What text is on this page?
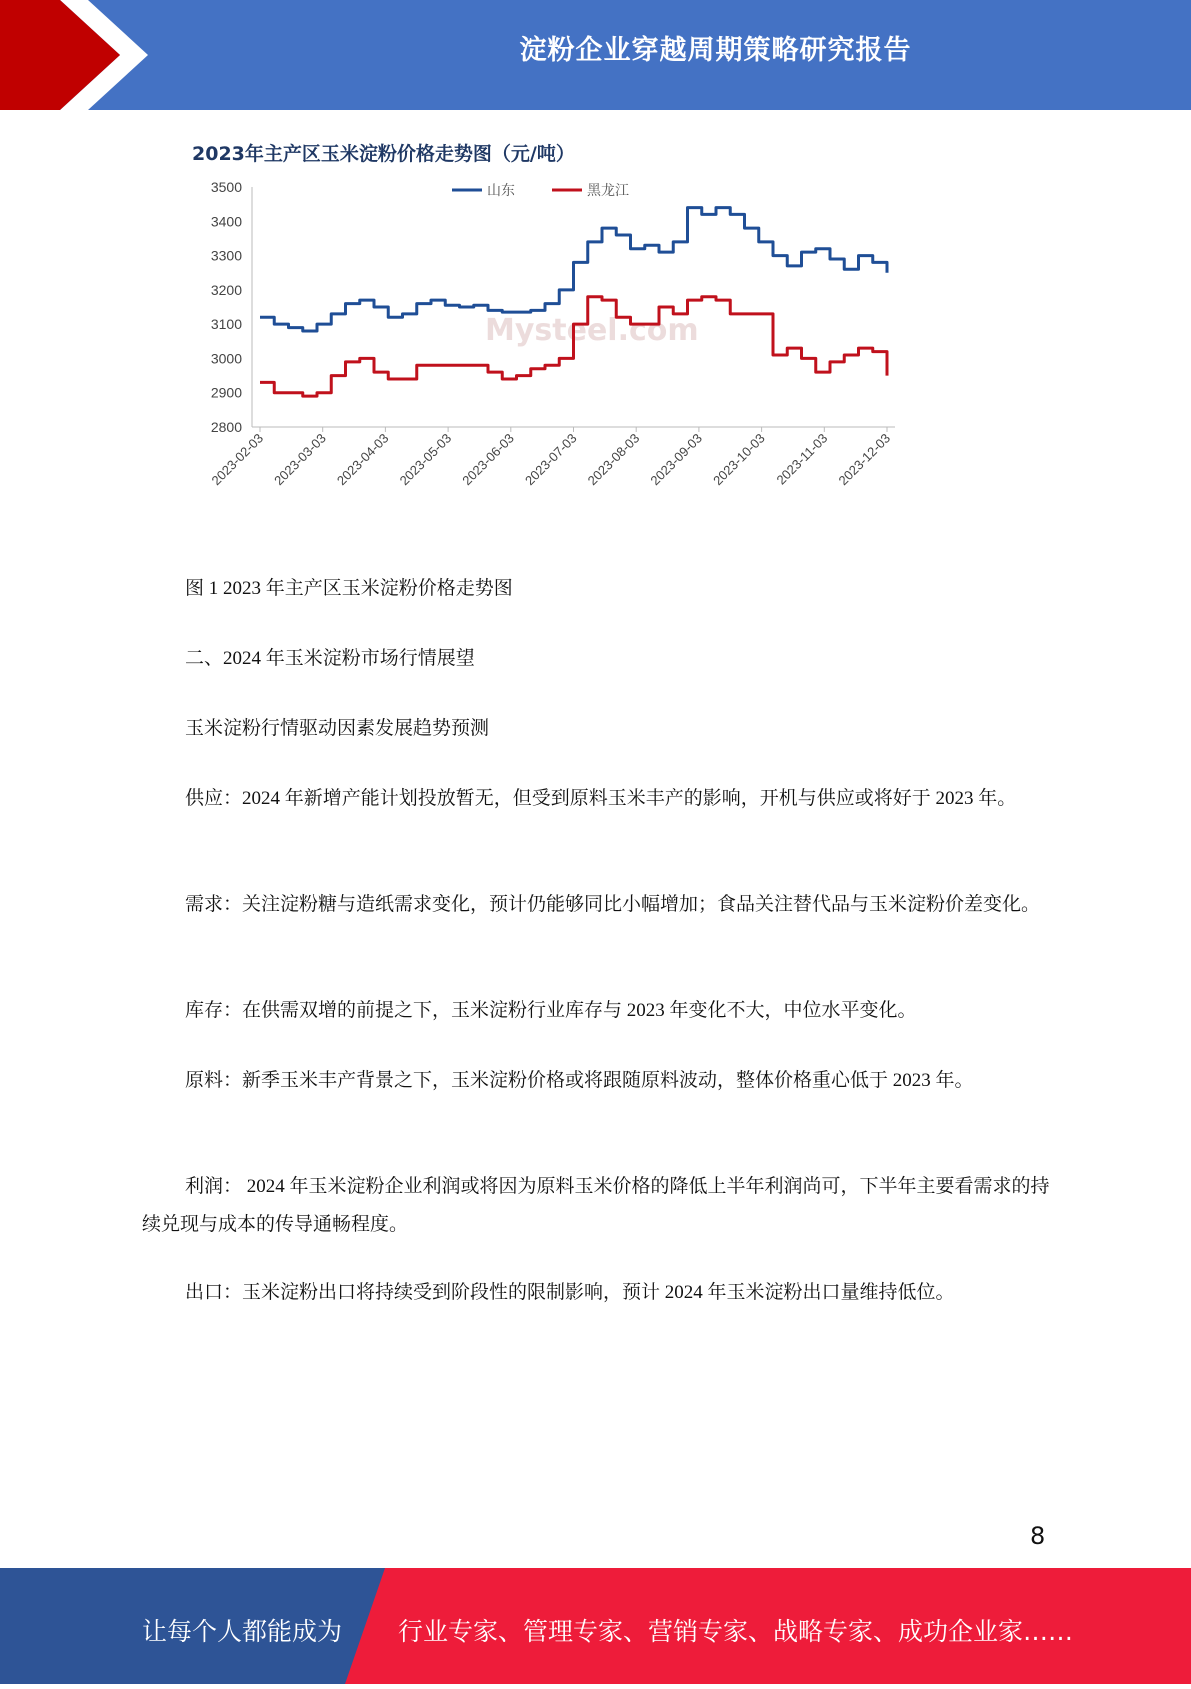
淀粉企业穿越周期策略研究报告
2023年主产区玉米淀粉价格走势图（元/吨）
Mysteel.com
3500
3400
3300
3200
3100
3000
2900
2800
2023-02-03 2023-03-03 2023-04-03 2023-05-03 2023-06-03 2023-07-03 2023-08-03 2023-09-03 2023-10-03 2023-11-03 2023-12-03
山东	黑龙江

图 1 2023 年主产区玉米淀粉价格走势图

二、2024 年玉米淀粉市场行情展望

玉米淀粉行情驱动因素发展趋势预测

供应：2024 年新增产能计划投放暂无，但受到原料玉米丰产的影响，开机与供应或将好于 2023 年。

需求：关注淀粉糖与造纸需求变化，预计仍能够同比小幅增加；食品关注替代品与玉米淀粉价差变化。

库存：在供需双增的前提之下，玉米淀粉行业库存与 2023 年变化不大，中位水平变化。

原料：新季玉米丰产背景之下，玉米淀粉价格或将跟随原料波动，整体价格重心低于 2023 年。

利润： 2024 年玉米淀粉企业利润或将因为原料玉米价格的降低上半年利润尚可，下半年主要看需求的持续兑现与成本的传导通畅程度。

出口：玉米淀粉出口将持续受到阶段性的限制影响，预计 2024 年玉米淀粉出口量维持低位。

8
让每个人都能成为 行业专家、管理专家、营销专家、战略专家、成功企业家……
